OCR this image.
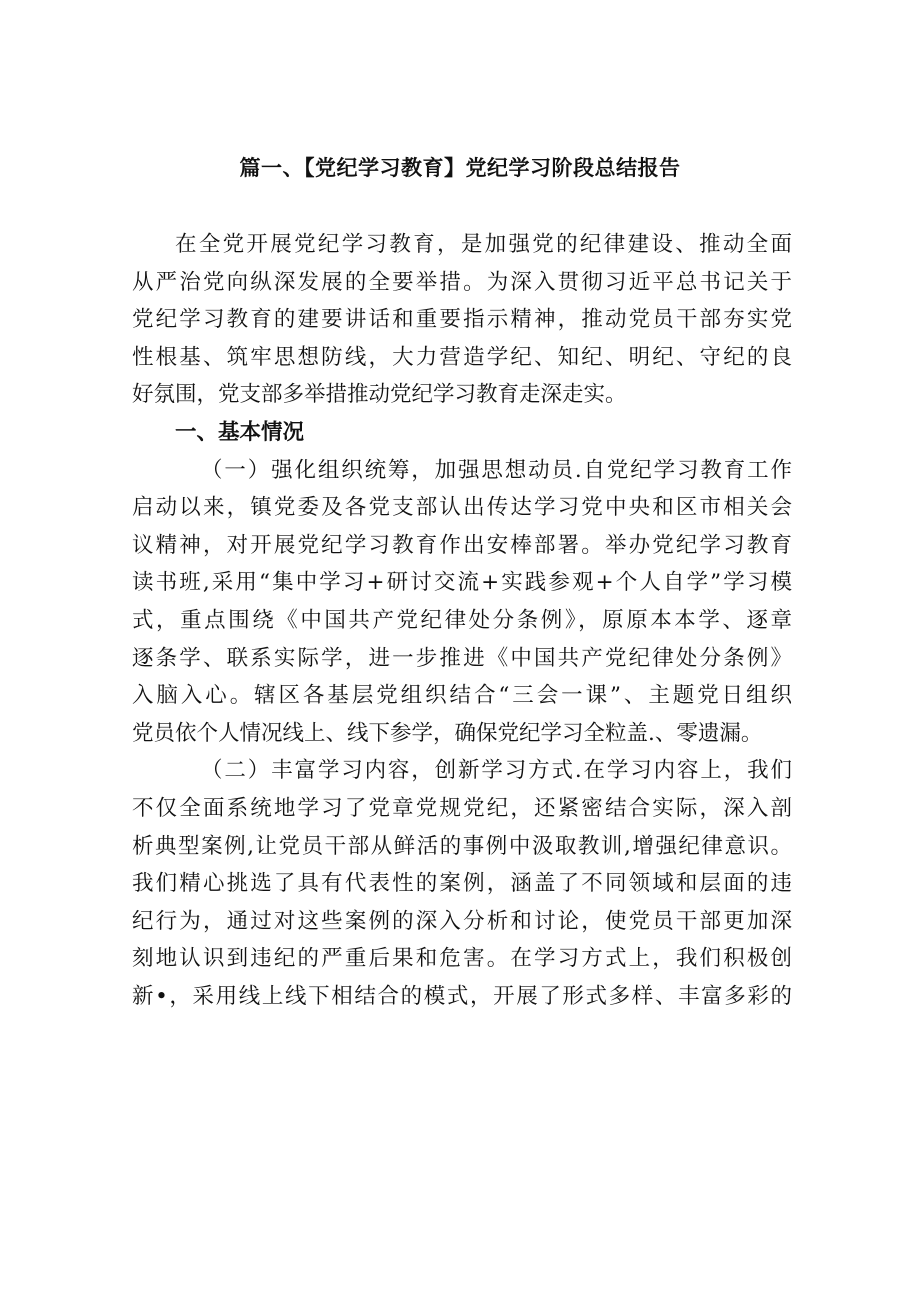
篇一、【党纪学习教育】党纪学习阶段总结报告
在全党开展党纪学习教育，是加强党的纪律建设、推动全面
从严治党向纵深发展的全要举措。为深入贯彻习近平总书记关于
党纪学习教育的建要讲话和重要指示精神，推动党员干部夯实党
性根基、筑牢思想防线，大力营造学纪、知纪、明纪、守纪的良
好氛围，党支部多举措推动党纪学习教育走深走实。
一、基本情况
（一）强化组织统筹，加强思想动员.自党纪学习教育工作
启动以来，镇党委及各党支部认出传达学习党中央和区市相关会
议精神，对开展党纪学习教育作出安棒部署。举办党纪学习教育
读书班,采用“集中学习+研讨交流+实践参观+个人自学”学习模
式，重点围绕《中国共产党纪律处分条例》，原原本本学、逐章
逐条学、联系实际学，进一步推进《中国共产党纪律处分条例》
入脑入心。辖区各基层党组织结合“三会一课”、主题党日组织
党员依个人情况线上、线下参学，确保党纪学习全粒盖.、零遗漏。
（二）丰富学习内容，创新学习方式.在学习内容上，我们
不仅全面系统地学习了党章党规党纪，还紧密结合实际，深入剖
析典型案例,让党员干部从鲜活的事例中汲取教训,增强纪律意识。
我们精心挑选了具有代表性的案例，涵盖了不同领域和层面的违
纪行为，通过对这些案例的深入分析和讨论，使党员干部更加深
刻地认识到违纪的严重后果和危害。在学习方式上，我们积极创
新•，采用线上线下相结合的模式，开展了形式多样、丰富多彩的
